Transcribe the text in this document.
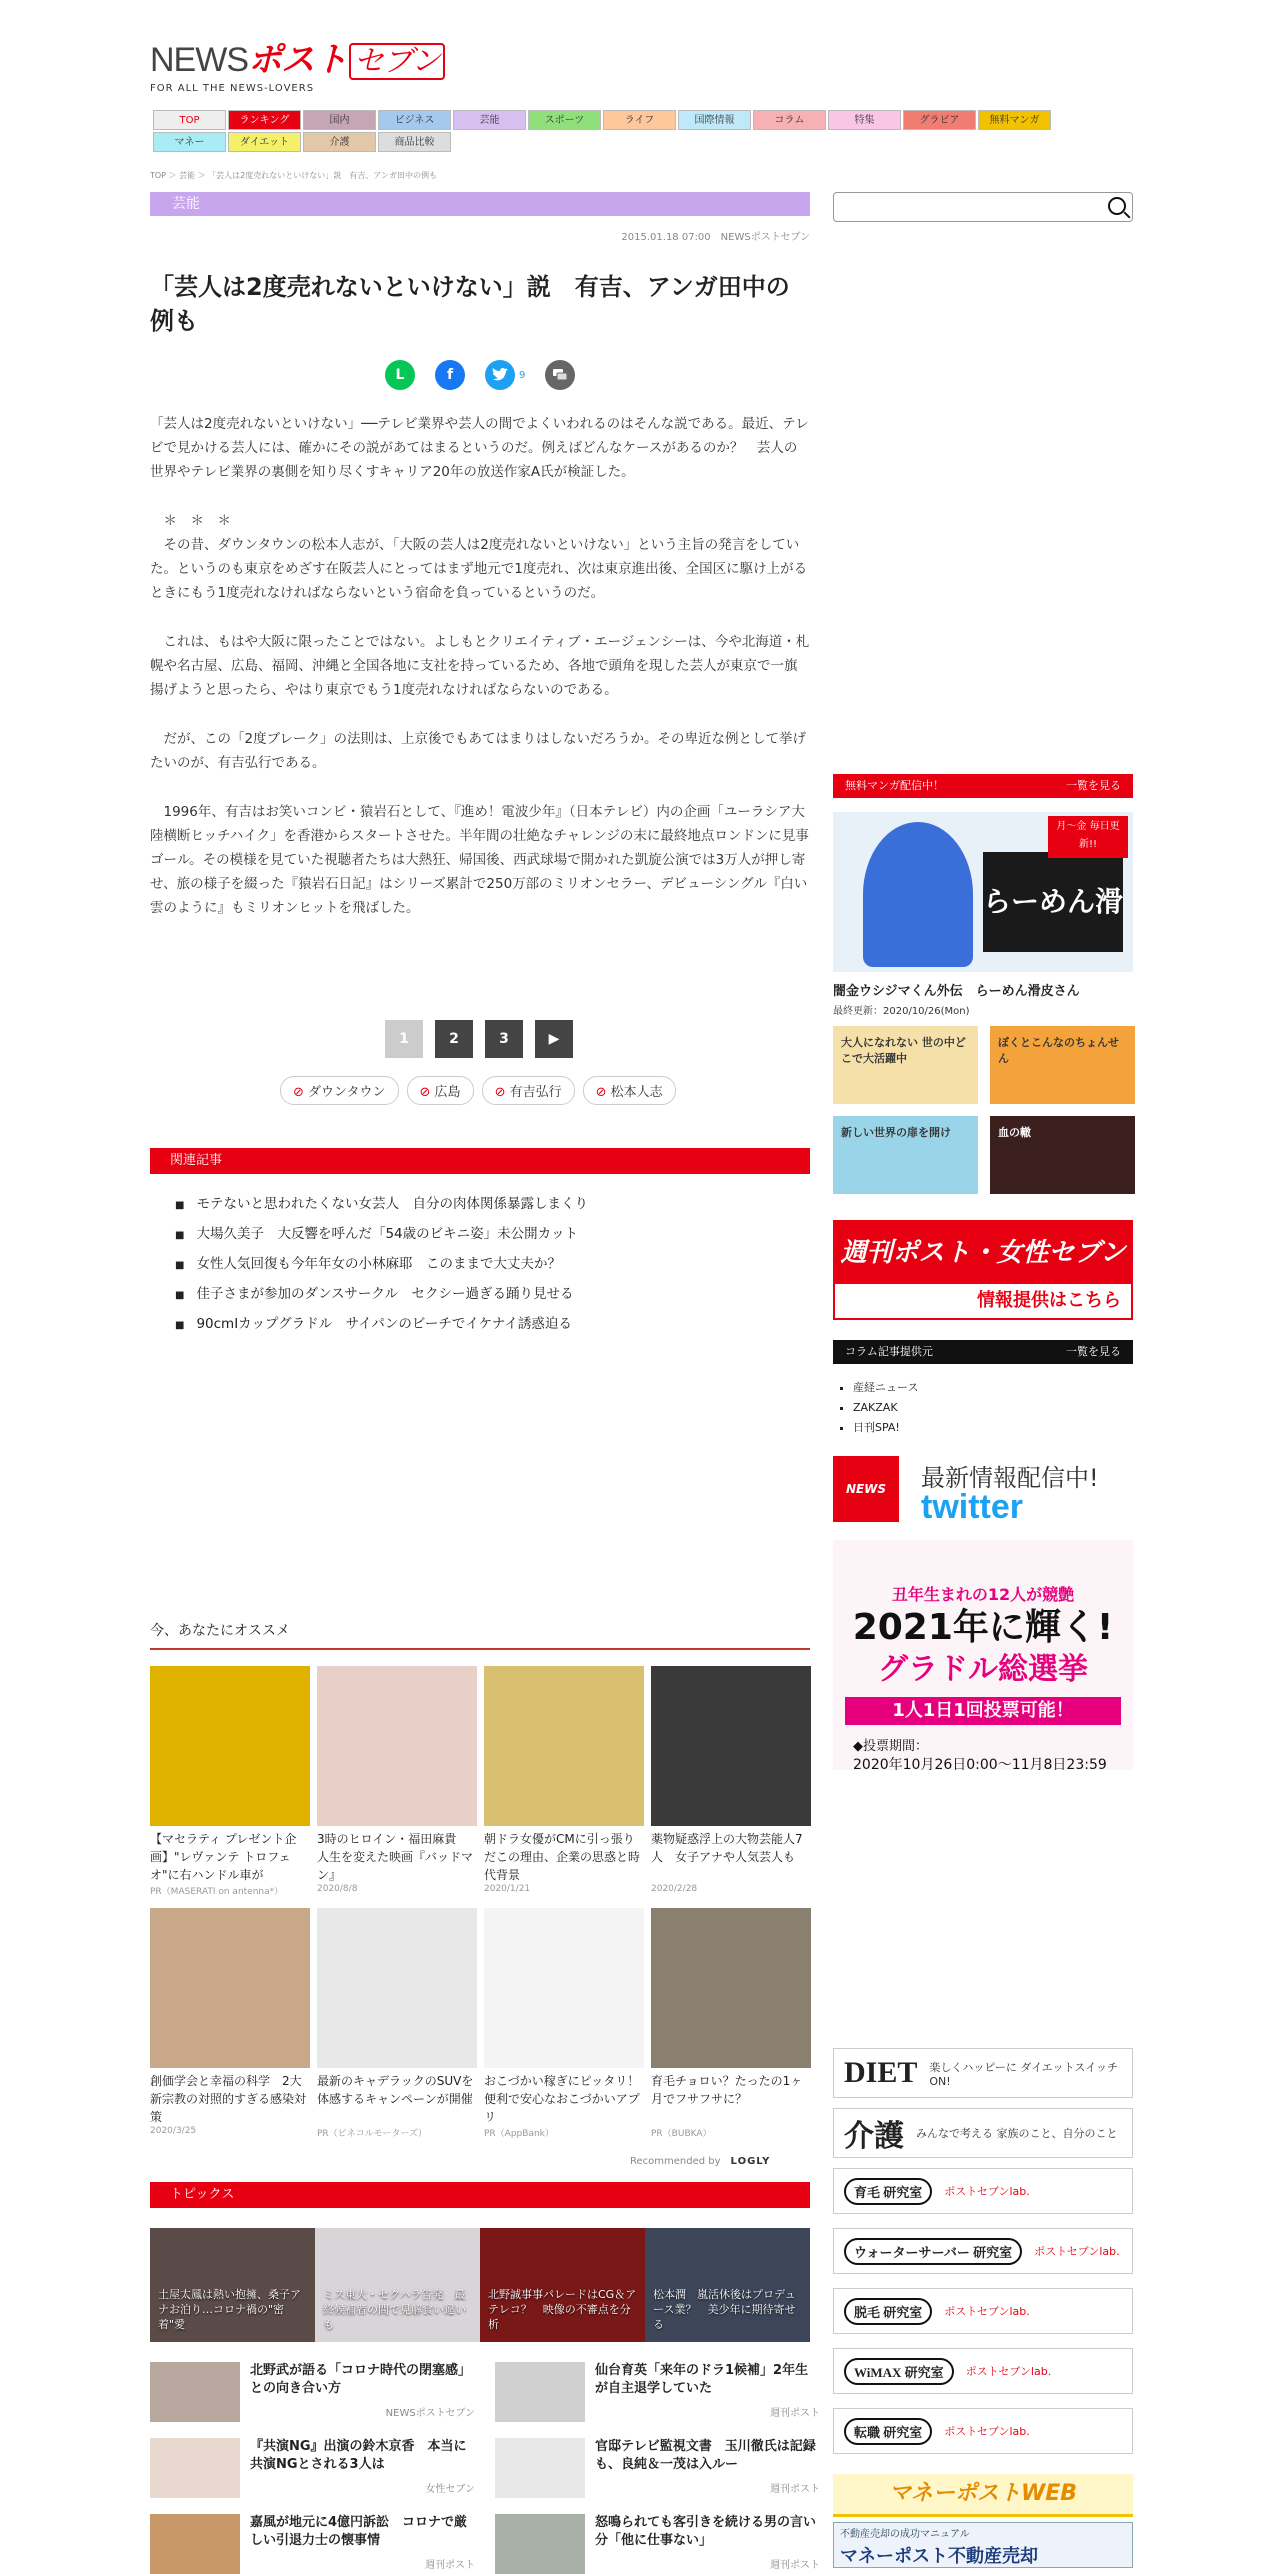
NEWSポスト セブン
FOR ALL THE NEWS-LOVERS
TOP	ランキング	国内	ビジネス	芸能	スポーツ	ライフ	国際情報	コラム	特集	グラビア	無料マンガ
マネー	ダイエット	介護	商品比較
TOP ＞ 芸能 ＞ 「芸人は2度売れないといけない」説　有吉、アンガ田中の例も
芸能
2015.01.18 07:00　NEWSポストセブン
「芸人は2度売れないといけない」説　有吉、アンガ田中の例も
L	f	9

「芸人は2度売れないといけない」──テレビ業界や芸人の間でよくいわれるのはそんな説である。最近、テレビで見かける芸人には、確かにその説があてはまるというのだ。例えばどんなケースがあるのか？　芸人の世界やテレビ業界の裏側を知り尽くすキャリア20年の放送作家A氏が検証した。

　＊　＊　＊
　その昔、ダウンタウンの松本人志が、「大阪の芸人は2度売れないといけない」という主旨の発言をしていた。というのも東京をめざす在阪芸人にとってはまず地元で1度売れ、次は東京進出後、全国区に駆け上がるときにもう1度売れなければならないという宿命を負っているというのだ。

　これは、もはや大阪に限ったことではない。よしもとクリエイティブ・エージェンシーは、今や北海道・札幌や名古屋、広島、福岡、沖縄と全国各地に支社を持っているため、各地で頭角を現した芸人が東京で一旗揚げようと思ったら、やはり東京でもう1度売れなければならないのである。

　だが、この「2度ブレーク」の法則は、上京後でもあてはまりはしないだろうか。その卑近な例として挙げたいのが、有吉弘行である。

　1996年、有吉はお笑いコンビ・猿岩石として、『進め！電波少年』（日本テレビ）内の企画「ユーラシア大陸横断ヒッチハイク」を香港からスタートさせた。半年間の壮絶なチャレンジの末に最終地点ロンドンに見事ゴール。その模様を見ていた視聴者たちは大熱狂、帰国後、西武球場で開かれた凱旋公演では3万人が押し寄せ、旅の様子を綴った『猿岩石日記』はシリーズ累計で250万部のミリオンセラー、デビューシングル『白い雲のように』もミリオンヒットを飛ばした。

1	2	3	▶
⊘ ダウンタウン	⊘ 広島	⊘ 有吉弘行	⊘ 松本人志
関連記事
■ モテないと思われたくない女芸人　自分の肉体関係暴露しまくり
■ 大場久美子　大反響を呼んだ「54歳のビキニ姿」未公開カット
■ 女性人気回復も今年年女の小林麻耶　このままで大丈夫か？
■ 佳子さまが参加のダンスサークル　セクシー過ぎる踊り見せる
■ 90cmIカップグラドル　サイパンのビーチでイケナイ誘惑迫る
今、あなたにオススメ
【マセラティ プレゼント企画】"レヴァンテ トロフェオ"に右ハンドル車が
PR（MASERATI on antenna*）
3時のヒロイン・福田麻貴　人生を変えた映画『バッドマン』
2020/8/8
朝ドラ女優がCMに引っ張りだこの理由、企業の思惑と時代背景
2020/1/21
薬物疑惑浮上の大物芸能人7人　女子アナや人気芸人も
2020/2/28
創価学会と幸福の科学　2大新宗教の対照的すぎる感染対策
2020/3/25
最新のキャデラックのSUVを体感するキャンペーンが開催
PR（ビネコルモーターズ）
おこづかい稼ぎにピッタリ！便利で安心なおこづかいアプリ
PR（AppBank）
育毛チョロい？たったの1ヶ月でフサフサに？
PR（BUBKA）
Recommended by LOGLY
トピックス
土屋太鳳は熱い抱擁、桑子アナお泊り…コロナ禍の"密着"愛
ミス東大・セクハラ告発　最終候補者の間で見解食い違いも
北野誠事事パレードはCG＆アテレコ？　映像の不審点を分析
松本潤　嵐活休後はプロデュース業？　美少年に期待寄せる
北野武が語る「コロナ時代の閉塞感」との向き合い方
NEWSポストセブン
仙台育英「来年のドラ1候補」2年生が自主退学していた
週刊ポスト
『共演NG』出演の鈴木京香　本当に共演NGとされる3人は
女性セブン
官邸テレビ監視文書　玉川徹氏は記録も、良純＆一茂は入ルー
週刊ポスト
嘉風が地元に4億円訴訟　コロナで厳しい引退力士の懐事情
週刊ポスト
怒鳴られても客引きを続ける男の言い分「他に仕事ない」
週刊ポスト
無料マンガ配信中！	一覧を見る
らーめん滑
月～金 毎日更新!!
闇金ウシジマくん外伝　らーめん滑皮さん
最終更新：2020/10/26(Mon)
大人になれない 世の中どこで大活躍中
ぼくとこんなのちょんせん
新しい世界の扉を開け	血の轍
週刊ポスト・女性セブン
情報提供はこちら
コラム記事提供元	一覧を見る
▪ 産経ニュース
▪ ZAKZAK
▪ 日刊SPA!
NEWS	最新情報配信中!
twitter
丑年生まれの12人が競艶
2021年に輝く!
グラドル総選挙
1人1日1回投票可能！
◆投票期間：
2020年10月26日0:00～11月8日23:59
DIET 楽しくハッピーに ダイエットスイッチON!
介護 みんなで考える 家族のこと、自分のこと
育毛 研究室	ポストセブンlab.
ウォーターサーバー 研究室	ポストセブンlab.
脱毛 研究室	ポストセブンlab.
WiMAX 研究室	ポストセブンlab.
転職 研究室	ポストセブンlab.
マネーポストWEB
不動産売却の成功マニュアル
マネーポスト不動産売却
